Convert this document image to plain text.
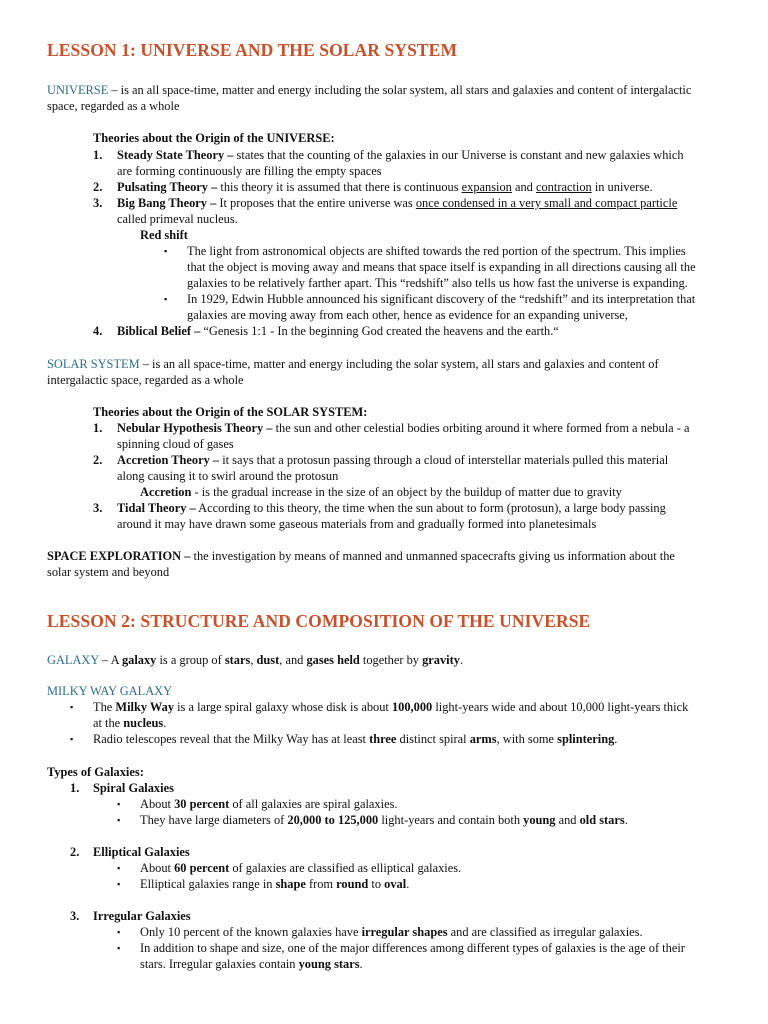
LESSON 1: UNIVERSE AND THE SOLAR SYSTEM

UNIVERSE – is an all space-time, matter and energy including the solar system, all stars and galaxies and content of intergalactic
space, regarded as a whole

Theories about the Origin of the UNIVERSE:

1.	Steady State Theory – states that the counting of the galaxies in our Universe is constant and new galaxies which
are forming continuously are filling the empty spaces

2.	Pulsating Theory – this theory it is assumed that there is continuous expansion and contraction in universe.

3.	Big Bang Theory – It proposes that the entire universe was once condensed in a very small and compact particle
called primeval nucleus.

Red shift

▪	The light from astronomical objects are shifted towards the red portion of the spectrum. This implies
that the object is moving away and means that space itself is expanding in all directions causing all the
galaxies to be relatively farther apart. This “redshift” also tells us how fast the universe is expanding.

▪	In 1929, Edwin Hubble announced his significant discovery of the “redshift” and its interpretation that
galaxies are moving away from each other, hence as evidence for an expanding universe,

4.	Biblical Belief – “Genesis 1:1 - In the beginning God created the heavens and the earth.“

SOLAR SYSTEM – is an all space-time, matter and energy including the solar system, all stars and galaxies and content of
intergalactic space, regarded as a whole

Theories about the Origin of the SOLAR SYSTEM:

1.	Nebular Hypothesis Theory – the sun and other celestial bodies orbiting around it where formed from a nebula - a
spinning cloud of gases

2.	Accretion Theory – it says that a protosun passing through a cloud of interstellar materials pulled this material
along causing it to swirl around the protosun

Accretion - is the gradual increase in the size of an object by the buildup of matter due to gravity

3.	Tidal Theory – According to this theory, the time when the sun about to form (protosun), a large body passing
around it may have drawn some gaseous materials from and gradually formed into planetesimals

SPACE EXPLORATION – the investigation by means of manned and unmanned spacecrafts giving us information about the
solar system and beyond

LESSON 2: STRUCTURE AND COMPOSITION OF THE UNIVERSE

GALAXY – A galaxy is a group of stars, dust, and gases held together by gravity.

MILKY WAY GALAXY

▪	The Milky Way is a large spiral galaxy whose disk is about 100,000 light-years wide and about 10,000 light-years thick
at the nucleus.

▪	Radio telescopes reveal that the Milky Way has at least three distinct spiral arms, with some splintering.

Types of Galaxies:

1.	Spiral Galaxies

▪	About 30 percent of all galaxies are spiral galaxies.

▪	They have large diameters of 20,000 to 125,000 light-years and contain both young and old stars.

2.	Elliptical Galaxies

▪	About 60 percent of galaxies are classified as elliptical galaxies.

▪	Elliptical galaxies range in shape from round to oval.

3.	Irregular Galaxies

▪	Only 10 percent of the known galaxies have irregular shapes and are classified as irregular galaxies.

▪	In addition to shape and size, one of the major differences among different types of galaxies is the age of their
stars. Irregular galaxies contain young stars.
